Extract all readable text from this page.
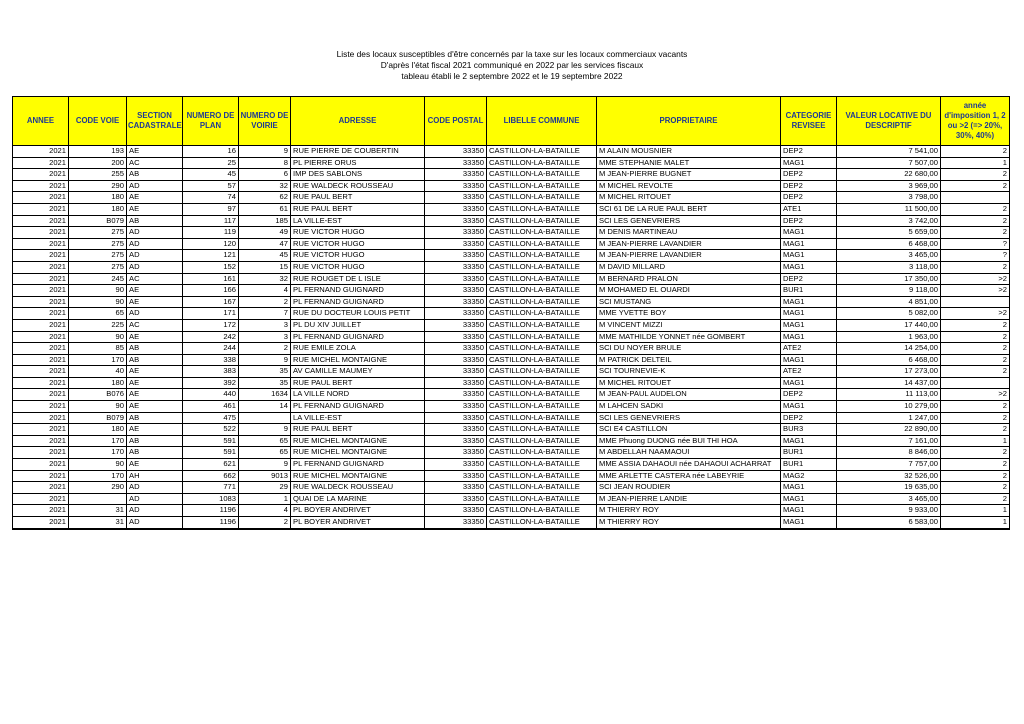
Liste des locaux susceptibles d'être concernés par la taxe sur les locaux commerciaux vacants
D'après l'état fiscal 2021 communiqué en 2022 par les services fiscaux
tableau établi le 2 septembre 2022 et le 19 septembre 2022
ANNEE	CODE VOIE	SECTION CADASTRALE	NUMERO DE PLAN	NUMERO DE VOIRIE	ADRESSE	CODE POSTAL	LIBELLE COMMUNE	PROPRIETAIRE	CATEGORIE REVISEE	VALEUR LOCATIVE DU DESCRIPTIF	année d'imposition 1, 2 ou >2 (=> 20%, 30%, 40%)
2021	193	AE	16	9	RUE PIERRE DE COUBERTIN	33350	CASTILLON-LA-BATAILLE	M ALAIN MOUSNIER	DEP2	7 541,00	2
2021	200	AC	25	8	PL PIERRE ORUS	33350	CASTILLON-LA-BATAILLE	MME STEPHANIE MALET	MAG1	7 507,00	1
2021	255	AB	45	6	IMP DES SABLONS	33350	CASTILLON-LA-BATAILLE	M JEAN-PIERRE BUGNET	DEP2	22 680,00	2
2021	290	AD	57	32	RUE WALDECK ROUSSEAU	33350	CASTILLON-LA-BATAILLE	M MICHEL REVOLTE	DEP2	3 969,00	2
2021	180	AE	74	62	RUE PAUL BERT	33350	CASTILLON-LA-BATAILLE	M MICHEL RITOUET	DEP2	3 798,00	
2021	180	AE	97	61	RUE PAUL BERT	33350	CASTILLON-LA-BATAILLE	SCI 61 DE LA RUE PAUL BERT	ATE1	11 500,00	2
2021	B079	AB	117	185	LA VILLE-EST	33350	CASTILLON-LA-BATAILLE	SCI LES GENEVRIERS	DEP2	3 742,00	2
2021	275	AD	119	49	RUE VICTOR HUGO	33350	CASTILLON-LA-BATAILLE	M DENIS MARTINEAU	MAG1	5 659,00	2
2021	275	AD	120	47	RUE VICTOR HUGO	33350	CASTILLON-LA-BATAILLE	M JEAN-PIERRE LAVANDIER	MAG1	6 468,00	?
2021	275	AD	121	45	RUE VICTOR HUGO	33350	CASTILLON-LA-BATAILLE	M JEAN-PIERRE LAVANDIER	MAG1	3 465,00	?
2021	275	AD	152	15	RUE VICTOR HUGO	33350	CASTILLON-LA-BATAILLE	M DAVID MILLARD	MAG1	3 118,00	2
2021	245	AC	161	32	RUE ROUGET DE L ISLE	33350	CASTILLON-LA-BATAILLE	M BERNARD PRALON	DEP2	17 350,00	>2
2021	90	AE	166	4	PL FERNAND GUIGNARD	33350	CASTILLON-LA-BATAILLE	M MOHAMED EL OUARDI	BUR1	9 118,00	>2
2021	90	AE	167	2	PL FERNAND GUIGNARD	33350	CASTILLON-LA-BATAILLE	SCI MUSTANG	MAG1	4 851,00	
2021	65	AD	171	7	RUE DU DOCTEUR LOUIS PETIT	33350	CASTILLON-LA-BATAILLE	MME YVETTE BOY	MAG1	5 082,00	>2
2021	225	AC	172	3	PL DU XIV JUILLET	33350	CASTILLON-LA-BATAILLE	M VINCENT MIZZI	MAG1	17 440,00	2
2021	90	AE	242	3	PL FERNAND GUIGNARD	33350	CASTILLON-LA-BATAILLE	MME MATHILDE YONNET née GOMBERT	MAG1	1 963,00	2
2021	85	AB	244	2	RUE EMILE ZOLA	33350	CASTILLON-LA-BATAILLE	SCI DU NOYER BRULE	ATE2	14 254,00	2
2021	170	AB	338	9	RUE MICHEL MONTAIGNE	33350	CASTILLON-LA-BATAILLE	M PATRICK DELTEIL	MAG1	6 468,00	2
2021	40	AE	383	35	AV CAMILLE MAUMEY	33350	CASTILLON-LA-BATAILLE	SCI TOURNEVIE-K	ATE2	17 273,00	2
2021	180	AE	392	35	RUE PAUL BERT	33350	CASTILLON-LA-BATAILLE	M MICHEL RITOUET	MAG1	14 437,00	
2021	B076	AE	440	1634	LA VILLE NORD	33350	CASTILLON-LA-BATAILLE	M JEAN-PAUL AUDELON	DEP2	11 113,00	>2
2021	90	AE	461	14	PL FERNAND GUIGNARD	33350	CASTILLON-LA-BATAILLE	M LAHCEN SADKI	MAG1	10 279,00	2
2021	B079	AB	475		LA VILLE-EST	33350	CASTILLON-LA-BATAILLE	SCI LES GENEVRIERS	DEP2	1 247,00	2
2021	180	AE	522	9	RUE PAUL BERT	33350	CASTILLON-LA-BATAILLE	SCI E4 CASTILLON	BUR3	22 890,00	2
2021	170	AB	591	65	RUE MICHEL MONTAIGNE	33350	CASTILLON-LA-BATAILLE	MME Phuong DUONG née BUI THI HOA	MAG1	7 161,00	1
2021	170	AB	591	65	RUE MICHEL MONTAIGNE	33350	CASTILLON-LA-BATAILLE	M ABDELLAH NAAMAOUI	BUR1	8 846,00	2
2021	90	AE	621	9	PL FERNAND GUIGNARD	33350	CASTILLON-LA-BATAILLE	MME ASSIA DAHAOUI née DAHAOUI ACHARRAT	BUR1	7 757,00	2
2021	170	AH	662	9013	RUE MICHEL MONTAIGNE	33350	CASTILLON-LA-BATAILLE	MME ARLETTE CASTERA née LABEYRIE	MAG2	32 526,00	2
2021	290	AD	771	29	RUE WALDECK ROUSSEAU	33350	CASTILLON-LA-BATAILLE	SCI JEAN ROUDIER	MAG1	19 635,00	2
2021		AD	1083	1	QUAI DE LA MARINE	33350	CASTILLON-LA-BATAILLE	M JEAN-PIERRE LANDIE	MAG1	3 465,00	2
2021	31	AD	1196	4	PL BOYER ANDRIVET	33350	CASTILLON-LA-BATAILLE	M THIERRY ROY	MAG1	9 933,00	1
2021	31	AD	1196	2	PL BOYER ANDRIVET	33350	CASTILLON-LA-BATAILLE	M THIERRY ROY	MAG1	6 583,00	1
